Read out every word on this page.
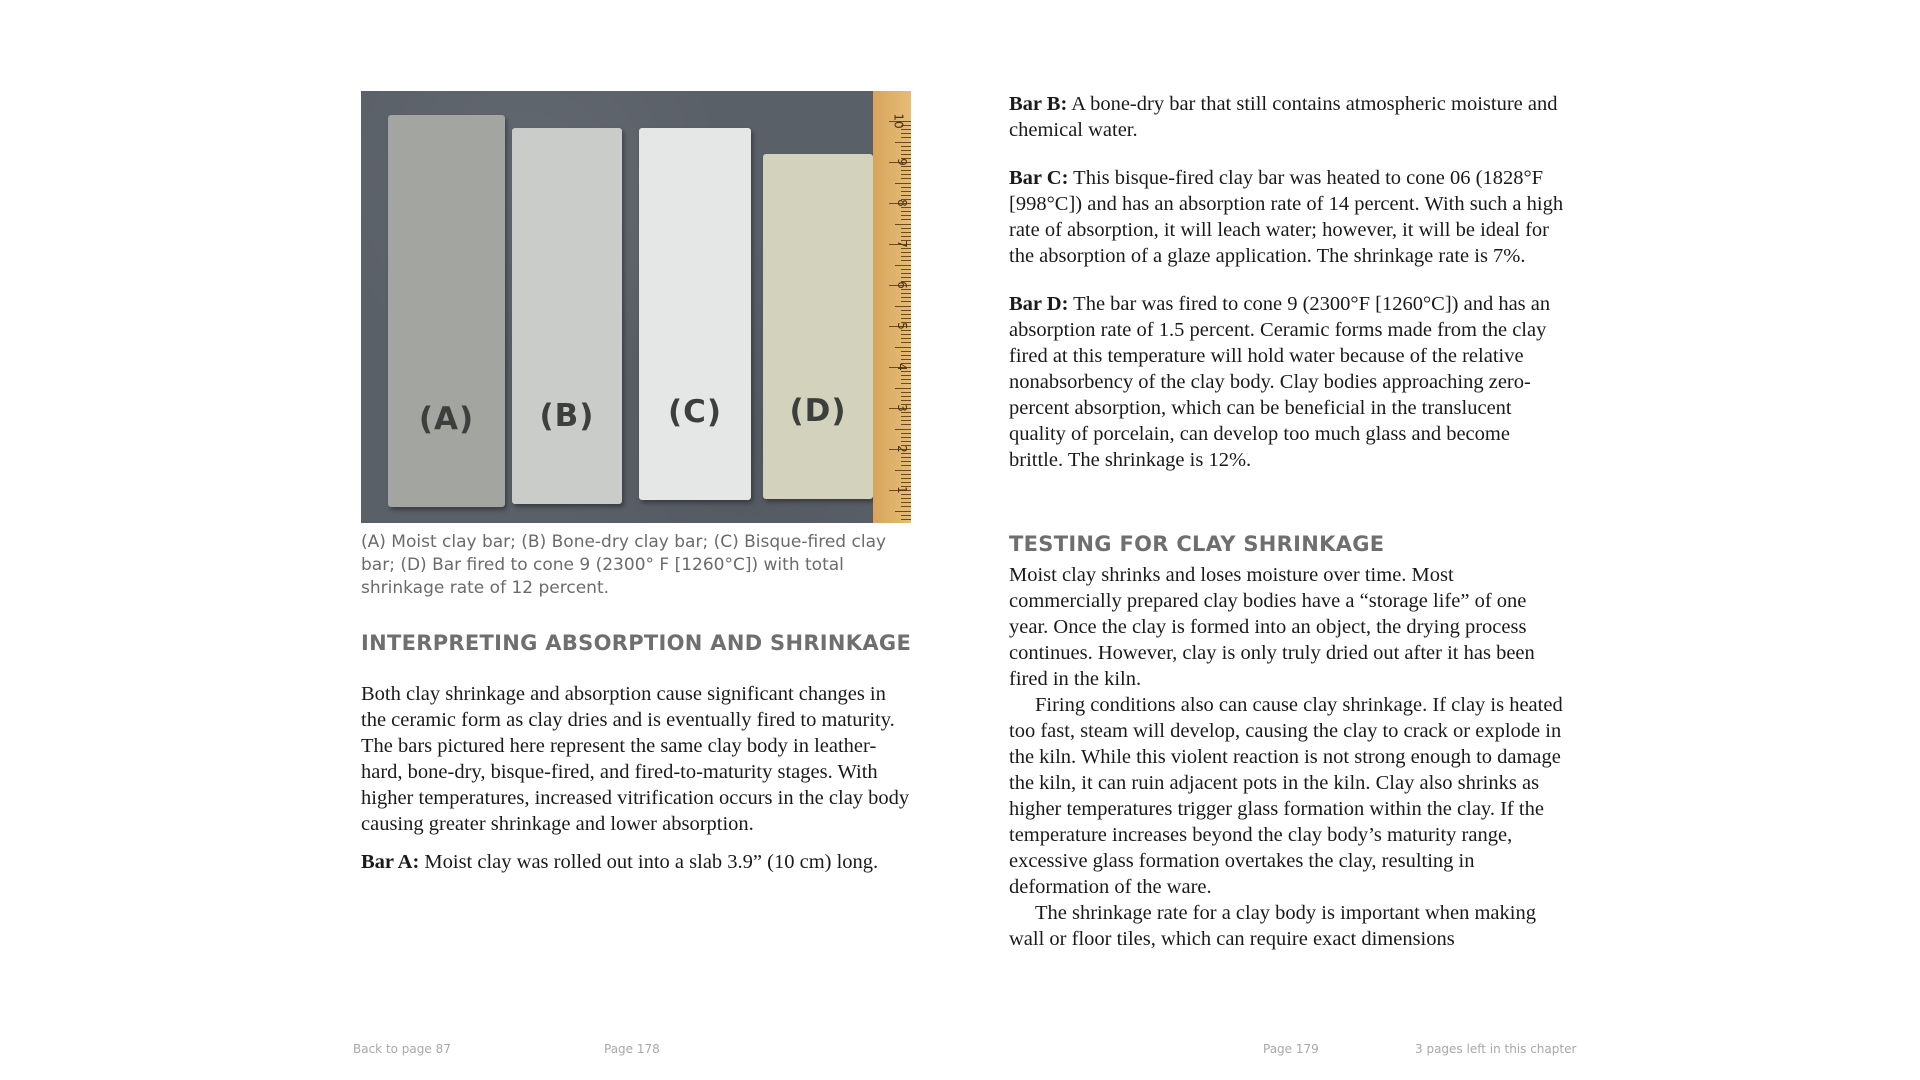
(A)	(B)	(C)	(D)
10
9
8
7
6
5
4
3
2
1
(A) Moist clay bar; (B) Bone-dry clay bar; (C) Bisque-fired clay bar; (D) Bar fired to cone 9 (2300° F [1260°C]) with total shrinkage rate of 12 percent.
INTERPRETING ABSORPTION AND SHRINKAGE

Both clay shrinkage and absorption cause significant changes in the ceramic form as clay dries and is eventually fired to maturity. The bars pictured here represent the same clay body in leather-hard, bone-dry, bisque-fired, and fired-to-maturity stages. With higher temperatures, increased vitrification occurs in the clay body causing greater shrinkage and lower absorption.

Bar A: Moist clay was rolled out into a slab 3.9” (10 cm) long.

Bar B: A bone-dry bar that still contains atmospheric moisture and chemical water.

Bar C: This bisque-fired clay bar was heated to cone 06 (1828°F [998°C]) and has an absorption rate of 14 percent. With such a high rate of absorption, it will leach water; however, it will be ideal for the absorption of a glaze application. The shrinkage rate is 7%.

Bar D: The bar was fired to cone 9 (2300°F [1260°C]) and has an absorption rate of 1.5 percent. Ceramic forms made from the clay fired at this temperature will hold water because of the relative nonabsorbency of the clay body. Clay bodies approaching zero-percent absorption, which can be beneficial in the translucent quality of porcelain, can develop too much glass and become brittle. The shrinkage is 12%.

TESTING FOR CLAY SHRINKAGE

Moist clay shrinks and loses moisture over time. Most commercially prepared clay bodies have a “storage life” of one year. Once the clay is formed into an object, the drying process continues. However, clay is only truly dried out after it has been fired in the kiln.

Firing conditions also can cause clay shrinkage. If clay is heated too fast, steam will develop, causing the clay to crack or explode in the kiln. While this violent reaction is not strong enough to damage the kiln, it can ruin adjacent pots in the kiln. Clay also shrinks as higher temperatures trigger glass formation within the clay. If the temperature increases beyond the clay body’s maturity range, excessive glass formation overtakes the clay, resulting in deformation of the ware.

The shrinkage rate for a clay body is important when making wall or floor tiles, which can require exact dimensions

Back to page 87	Page 178	Page 179	3 pages left in this chapter
